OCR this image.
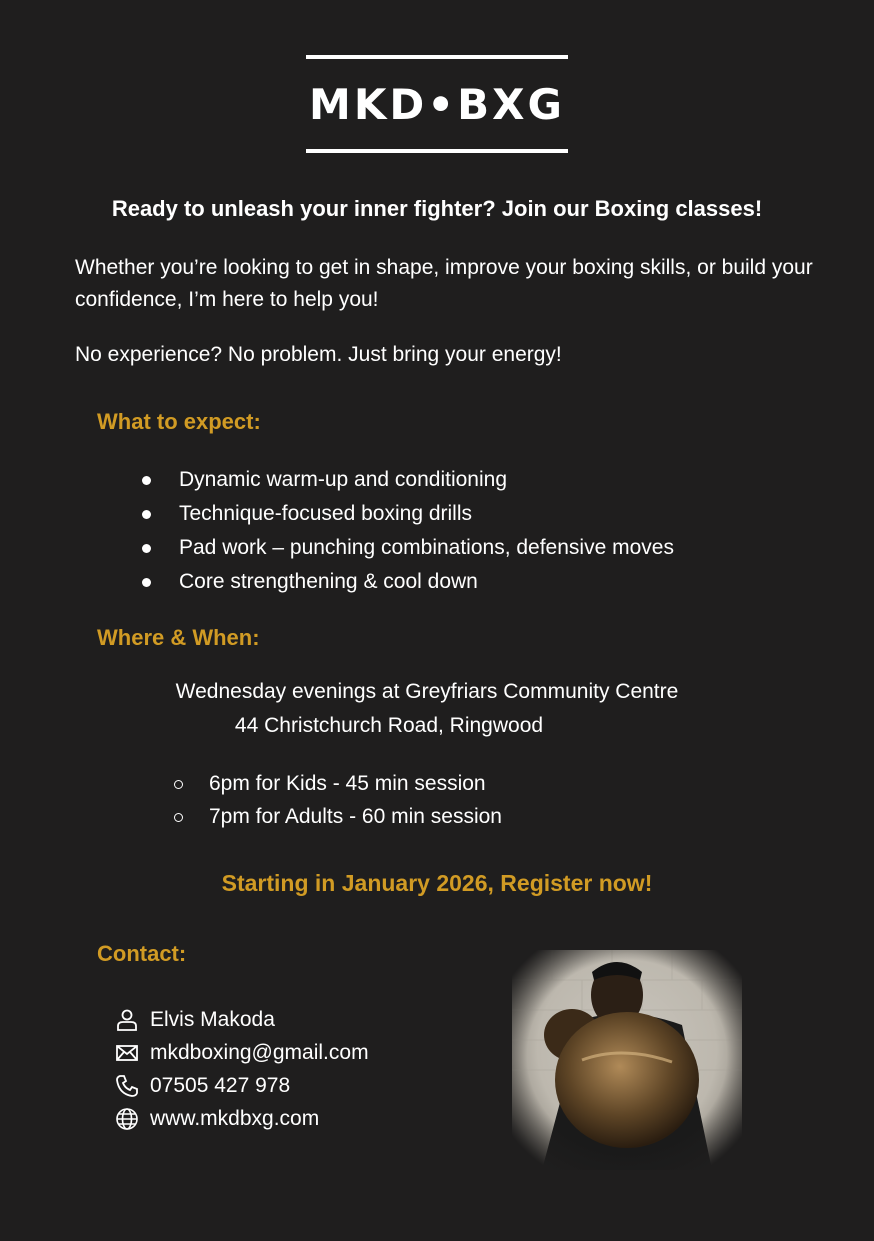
MKD•BXG
Ready to unleash your inner fighter? Join our Boxing classes!
Whether you’re looking to get in shape, improve your boxing skills, or build your confidence, I’m here to help you!
No experience? No problem. Just bring your energy!
What to expect:
Dynamic warm-up and conditioning
Technique-focused boxing drills
Pad work – punching combinations, defensive moves
Core strengthening & cool down
Where & When:
Wednesday evenings at Greyfriars Community Centre
44 Christchurch Road, Ringwood
6pm for Kids - 45 min session
7pm for Adults - 60 min session
Starting in January 2026, Register now!
Contact:
Elvis Makoda
mkdboxing@gmail.com
07505 427 978
www.mkdbxg.com
